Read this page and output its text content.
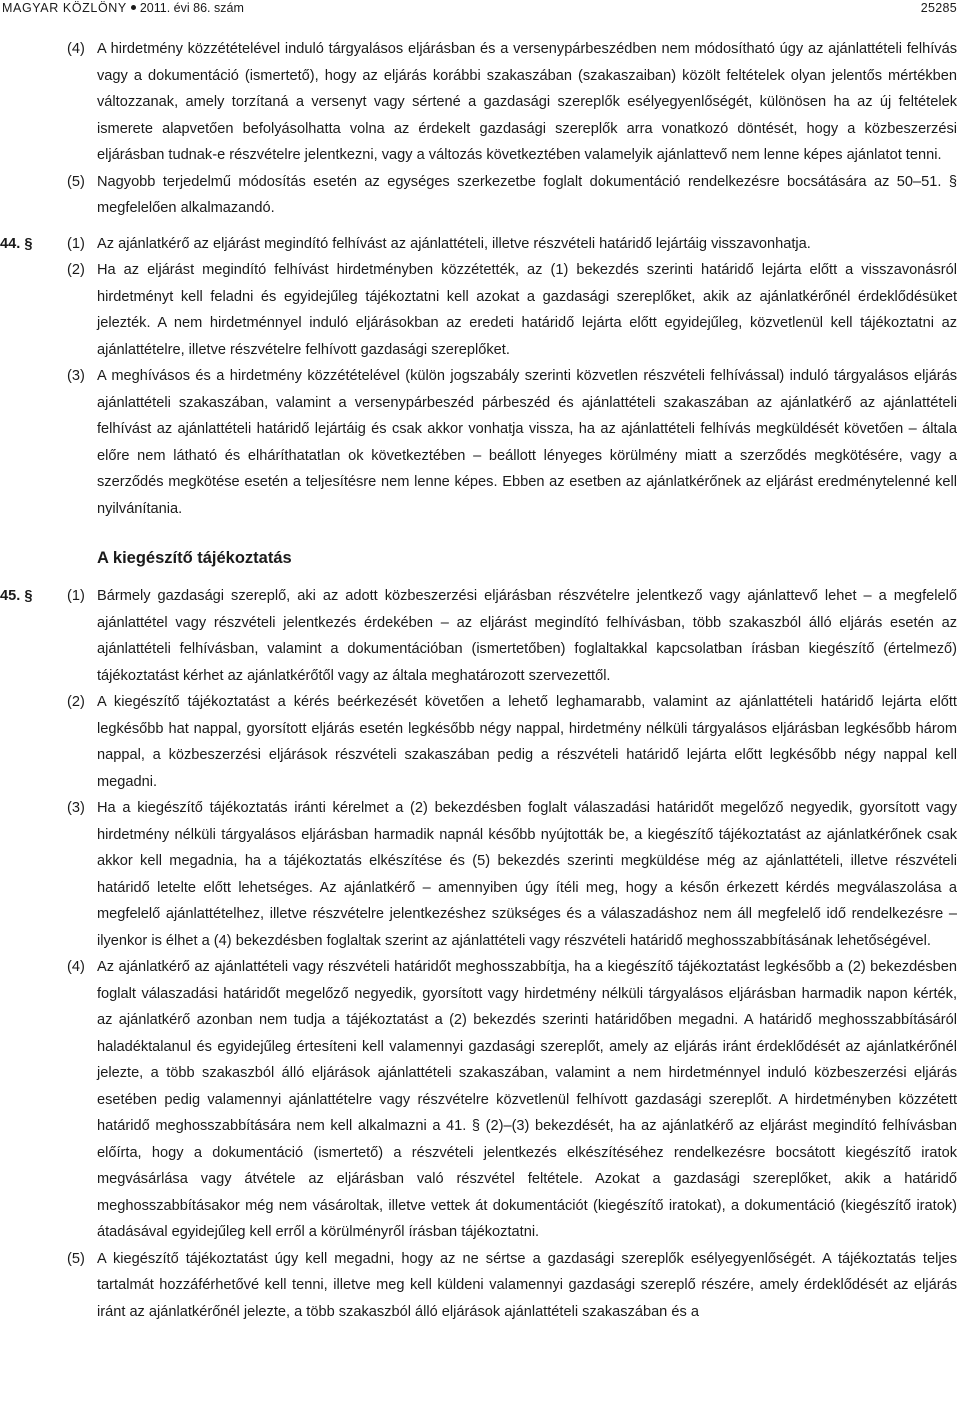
MAGYAR KÖZLÖNY 2011. évi 86. szám	25285
(4) A hirdetmény közzétételével induló tárgyalásos eljárásban és a versenypárbeszédben nem módosítható úgy az ajánlattételi felhívás vagy a dokumentáció (ismertető), hogy az eljárás korábbi szakaszában (szakaszaiban) közölt feltételek olyan jelentős mértékben változzanak, amely torzítaná a versenyt vagy sértené a gazdasági szereplők esélyegyenlőségét, különösen ha az új feltételek ismerete alapvetően befolyásolhatta volna az érdekelt gazdasági szereplők arra vonatkozó döntését, hogy a közbeszerzési eljárásban tudnak-e részvételre jelentkezni, vagy a változás következtében valamelyik ajánlattevő nem lenne képes ajánlatot tenni.
(5) Nagyobb terjedelmű módosítás esetén az egységes szerkezetbe foglalt dokumentáció rendelkezésre bocsátására az 50–51. § megfelelően alkalmazandó.
44. § (1) Az ajánlatkérő az eljárást megindító felhívást az ajánlattételi, illetve részvételi határidő lejártáig visszavonhatja.
(2) Ha az eljárást megindító felhívást hirdetményben közzétették, az (1) bekezdés szerinti határidő lejárta előtt a visszavonásról hirdetményt kell feladni és egyidejűleg tájékoztatni kell azokat a gazdasági szereplőket, akik az ajánlatkérőnél érdeklődésüket jelezték. A nem hirdetménnyel induló eljárásokban az eredeti határidő lejárta előtt egyidejűleg, közvetlenül kell tájékoztatni az ajánlattételre, illetve részvételre felhívott gazdasági szereplőket.
(3) A meghívásos és a hirdetmény közzétételével (külön jogszabály szerinti közvetlen részvételi felhívással) induló tárgyalásos eljárás ajánlattételi szakaszában, valamint a versenypárbeszéd párbeszéd és ajánlattételi szakaszában az ajánlatkérő az ajánlattételi felhívást az ajánlattételi határidő lejártáig és csak akkor vonhatja vissza, ha az ajánlattételi felhívás megküldését követően – általa előre nem látható és elháríthatatlan ok következtében – beállott lényeges körülmény miatt a szerződés megkötésére, vagy a szerződés megkötése esetén a teljesítésre nem lenne képes. Ebben az esetben az ajánlatkérőnek az eljárást eredménytelenné kell nyilvánítania.
A kiegészítő tájékoztatás
45. § (1) Bármely gazdasági szereplő, aki az adott közbeszerzési eljárásban részvételre jelentkező vagy ajánlattevő lehet – a megfelelő ajánlattétel vagy részvételi jelentkezés érdekében – az eljárást megindító felhívásban, több szakaszból álló eljárás esetén az ajánlattételi felhívásban, valamint a dokumentációban (ismertetőben) foglaltakkal kapcsolatban írásban kiegészítő (értelmező) tájékoztatást kérhet az ajánlatkérőtől vagy az általa meghatározott szervezettől.
(2) A kiegészítő tájékoztatást a kérés beérkezését követően a lehető leghamarabb, valamint az ajánlattételi határidő lejárta előtt legkésőbb hat nappal, gyorsított eljárás esetén legkésőbb négy nappal, hirdetmény nélküli tárgyalásos eljárásban legkésőbb három nappal, a közbeszerzési eljárások részvételi szakaszában pedig a részvételi határidő lejárta előtt legkésőbb négy nappal kell megadni.
(3) Ha a kiegészítő tájékoztatás iránti kérelmet a (2) bekezdésben foglalt válaszadási határidőt megelőző negyedik, gyorsított vagy hirdetmény nélküli tárgyalásos eljárásban harmadik napnál később nyújtották be, a kiegészítő tájékoztatást az ajánlatkérőnek csak akkor kell megadnia, ha a tájékoztatás elkészítése és (5) bekezdés szerinti megküldése még az ajánlattételi, illetve részvételi határidő letelte előtt lehetséges. Az ajánlatkérő – amennyiben úgy ítéli meg, hogy a későn érkezett kérdés megválaszolása a megfelelő ajánlattételhez, illetve részvételre jelentkezéshez szükséges és a válaszadáshoz nem áll megfelelő idő rendelkezésre – ilyenkor is élhet a (4) bekezdésben foglaltak szerint az ajánlattételi vagy részvételi határidő meghosszabbításának lehetőségével.
(4) Az ajánlatkérő az ajánlattételi vagy részvételi határidőt meghosszabbítja, ha a kiegészítő tájékoztatást legkésőbb a (2) bekezdésben foglalt válaszadási határidőt megelőző negyedik, gyorsított vagy hirdetmény nélküli tárgyalásos eljárásban harmadik napon kérték, az ajánlatkérő azonban nem tudja a tájékoztatást a (2) bekezdés szerinti határidőben megadni. A határidő meghosszabbításáról haladéktalanul és egyidejűleg értesíteni kell valamennyi gazdasági szereplőt, amely az eljárás iránt érdeklődését az ajánlatkérőnél jelezte, a több szakaszból álló eljárások ajánlattételi szakaszában, valamint a nem hirdetménnyel induló közbeszerzési eljárás esetében pedig valamennyi ajánlattételre vagy részvételre közvetlenül felhívott gazdasági szereplőt. A hirdetményben közzétett határidő meghosszabbítására nem kell alkalmazni a 41. § (2)–(3) bekezdését, ha az ajánlatkérő az eljárást megindító felhívásban előírta, hogy a dokumentáció (ismertető) a részvételi jelentkezés elkészítéséhez rendelkezésre bocsátott kiegészítő iratok megvásárlása vagy átvétele az eljárásban való részvétel feltétele. Azokat a gazdasági szereplőket, akik a határidő meghosszabbításakor még nem vásároltak, illetve vettek át dokumentációt (kiegészítő iratokat), a dokumentáció (kiegészítő iratok) átadásával egyidejűleg kell erről a körülményről írásban tájékoztatni.
(5) A kiegészítő tájékoztatást úgy kell megadni, hogy az ne sértse a gazdasági szereplők esélyegyenlőségét. A tájékoztatás teljes tartalmát hozzáférhetővé kell tenni, illetve meg kell küldeni valamennyi gazdasági szereplő részére, amely érdeklődését az eljárás iránt az ajánlatkérőnél jelezte, a több szakaszból álló eljárások ajánlattételi szakaszában és a
